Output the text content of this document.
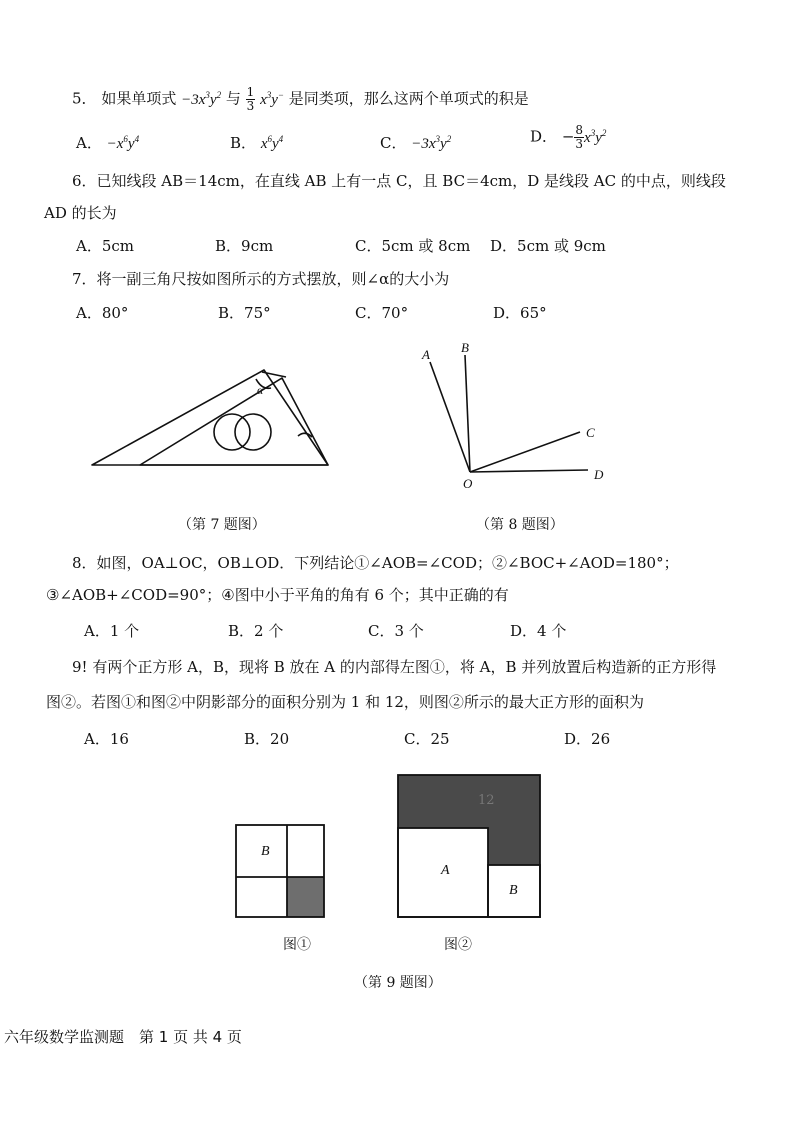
5． 如果单项式 $-3x^3y^2$ 与 $\frac{1}{3} x^3y^-$ 是同类项，那么这两个单项式的积是
A． $-x^6y^4$	B． $x^6y^4$	C． $-3x^3y^2$	D． − $\frac{8}{3} x^3y^2$
6．已知线段 AB＝14cm，在直线 AB 上有一点 C，且 BC＝4cm，D 是线段 AC 的中点，则线段
AD 的长为
A．5cm	B．9cm	C．5cm 或 8cm D．5cm 或 9cm
7．将一副三角尺按如图所示的方式摆放，则∠α的大小为
A．80°	B．75°	C．70°	D．65°
α
（第 7 题图）
A B
C
D
O
（第 8 题图）
8．如图，OA⊥OC，OB⊥OD．下列结论①∠AOB=∠COD；②∠BOC+∠AOD=180°；
③∠AOB+∠COD=90°；④图中小于平角的角有 6 个；其中正确的有
A．1 个	B．2 个	C．3 个	D．4 个
9! 有两个正方形 A，B，现将 B 放在 A 的内部得左图①，将 A，B 并列放置后构造新的正方形得
图②。若图①和图②中阴影部分的面积分别为 1 和 12，则图②所示的最大正方形的面积为
A．16	B．20	C．25	D．26
B
图①
12
A
B
图②
（第 9 题图）
六年级数学监测题　第 1 页 共 4 页
